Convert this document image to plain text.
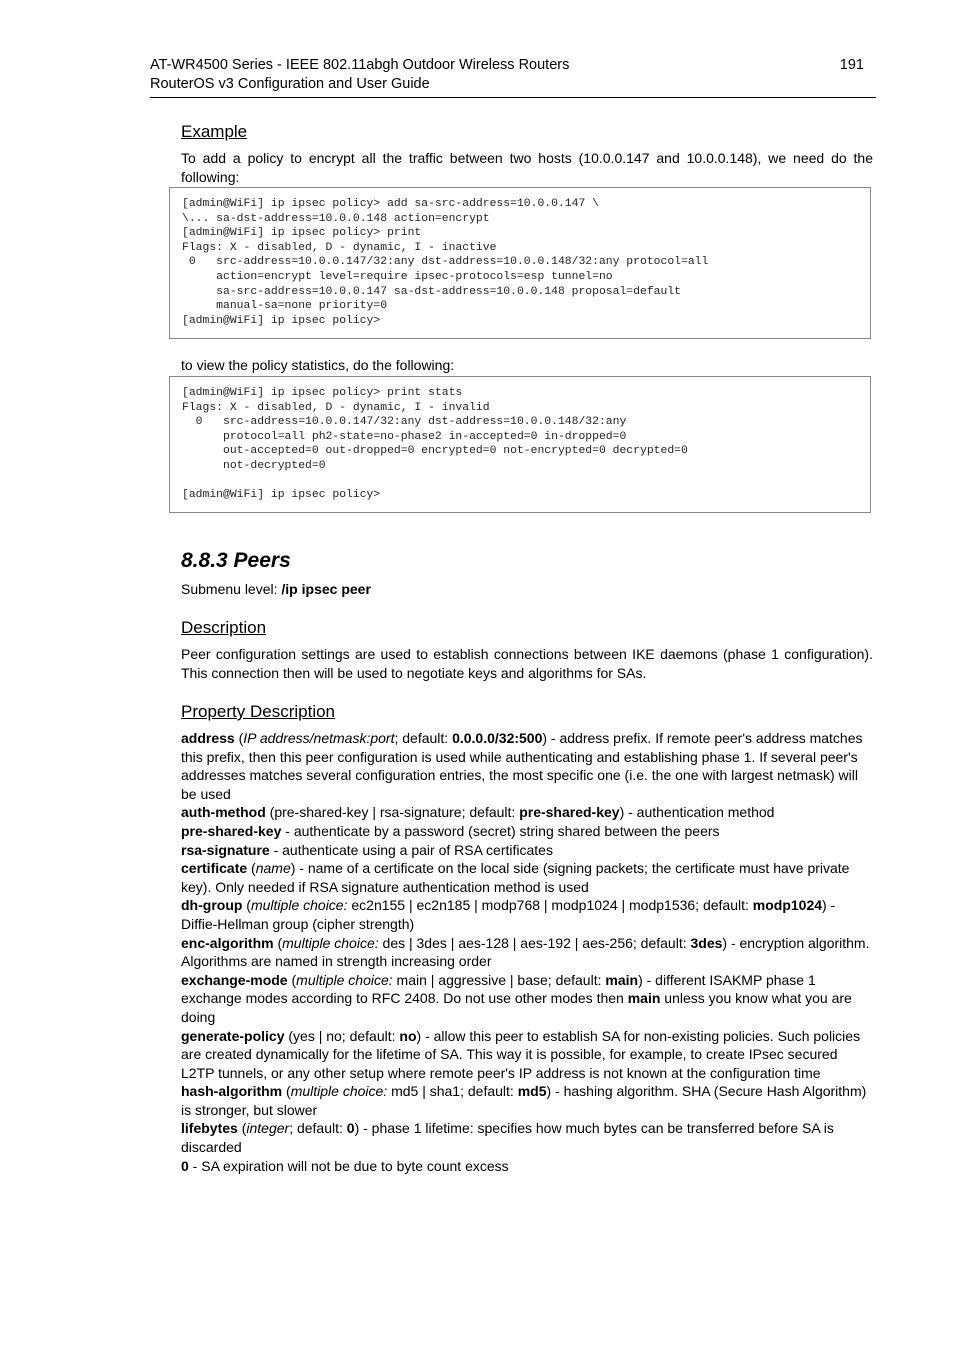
AT-WR4500 Series - IEEE 802.11abgh Outdoor Wireless Routers
RouterOS v3 Configuration and User Guide
191
Example
To add a policy to encrypt all the traffic between two hosts (10.0.0.147 and 10.0.0.148), we need do the following:
[admin@WiFi] ip ipsec policy> add sa-src-address=10.0.0.147 \
\... sa-dst-address=10.0.0.148 action=encrypt
[admin@WiFi] ip ipsec policy> print
Flags: X - disabled, D - dynamic, I - inactive
0   src-address=10.0.0.147/32:any dst-address=10.0.0.148/32:any protocol=all
action=encrypt level=require ipsec-protocols=esp tunnel=no
sa-src-address=10.0.0.147 sa-dst-address=10.0.0.148 proposal=default
manual-sa=none priority=0
[admin@WiFi] ip ipsec policy>
to view the policy statistics, do the following:
[admin@WiFi] ip ipsec policy> print stats
Flags: X - disabled, D - dynamic, I - invalid
0   src-address=10.0.0.147/32:any dst-address=10.0.0.148/32:any
protocol=all ph2-state=no-phase2 in-accepted=0 in-dropped=0
out-accepted=0 out-dropped=0 encrypted=0 not-encrypted=0 decrypted=0
not-decrypted=0

[admin@WiFi] ip ipsec policy>
8.8.3 Peers
Submenu level: /ip ipsec peer
Description
Peer configuration settings are used to establish connections between IKE daemons (phase 1 configuration). This connection then will be used to negotiate keys and algorithms for SAs.
Property Description
address (IP address/netmask:port; default: 0.0.0.0/32:500) - address prefix. If remote peer's address matches this prefix, then this peer configuration is used while authenticating and establishing phase 1. If several peer's addresses matches several configuration entries, the most specific one (i.e. the one with largest netmask) will be used
auth-method (pre-shared-key | rsa-signature; default: pre-shared-key) - authentication method
pre-shared-key - authenticate by a password (secret) string shared between the peers
rsa-signature - authenticate using a pair of RSA certificates
certificate (name) - name of a certificate on the local side (signing packets; the certificate must have private key). Only needed if RSA signature authentication method is used
dh-group (multiple choice: ec2n155 | ec2n185 | modp768 | modp1024 | modp1536; default: modp1024) - Diffie-Hellman group (cipher strength)
enc-algorithm (multiple choice: des | 3des | aes-128 | aes-192 | aes-256; default: 3des) - encryption algorithm. Algorithms are named in strength increasing order
exchange-mode (multiple choice: main | aggressive | base; default: main) - different ISAKMP phase 1 exchange modes according to RFC 2408. Do not use other modes then main unless you know what you are doing
generate-policy (yes | no; default: no) - allow this peer to establish SA for non-existing policies. Such policies are created dynamically for the lifetime of SA. This way it is possible, for example, to create IPsec secured L2TP tunnels, or any other setup where remote peer's IP address is not known at the configuration time
hash-algorithm (multiple choice: md5 | sha1; default: md5) - hashing algorithm. SHA (Secure Hash Algorithm) is stronger, but slower
lifebytes (integer; default: 0) - phase 1 lifetime: specifies how much bytes can be transferred before SA is discarded
0 - SA expiration will not be due to byte count excess
